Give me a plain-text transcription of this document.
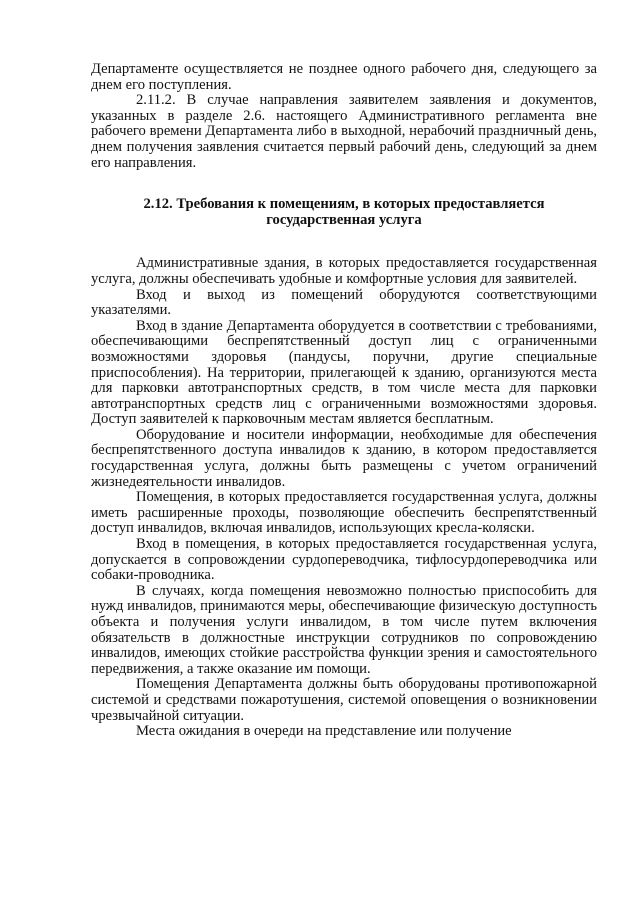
Департаменте осуществляется не позднее одного рабочего дня, следующего за днем его поступления.

2.11.2. В случае направления заявителем заявления и документов, указанных в разделе 2.6. настоящего Административного регламента вне рабочего времени Департамента либо в выходной, нерабочий праздничный день, днем получения заявления считается первый рабочий день, следующий за днем его направления.

2.12. Требования к помещениям, в которых предоставляется
государственная услуга

Административные здания, в которых предоставляется государственная услуга, должны обеспечивать удобные и комфортные условия для заявителей.

Вход и выход из помещений оборудуются соответствующими указателями.

Вход в здание Департамента оборудуется в соответствии с требованиями, обеспечивающими беспрепятственный доступ лиц с ограниченными возможностями здоровья (пандусы, поручни, другие специальные приспособления). На территории, прилегающей к зданию, организуются места для парковки автотранспортных средств, в том числе места для парковки автотранспортных средств лиц с ограниченными возможностями здоровья. Доступ заявителей к парковочным местам является бесплатным.

Оборудование и носители информации, необходимые для обеспечения беспрепятственного доступа инвалидов к зданию, в котором предоставляется государственная услуга, должны быть размещены с учетом ограничений жизнедеятельности инвалидов.

Помещения, в которых предоставляется государственная услуга, должны иметь расширенные проходы, позволяющие обеспечить беспрепятственный доступ инвалидов, включая инвалидов, использующих кресла-коляски.

Вход в помещения, в которых предоставляется государственная услуга, допускается в сопровождении сурдопереводчика, тифлосурдопереводчика или собаки-проводника.

В случаях, когда помещения невозможно полностью приспособить для нужд инвалидов, принимаются меры, обеспечивающие физическую доступность объекта и получения услуги инвалидом, в том числе путем включения обязательств в должностные инструкции сотрудников по сопровождению инвалидов, имеющих стойкие расстройства функции зрения и самостоятельного передвижения, а также оказание им помощи.

Помещения Департамента должны быть оборудованы противопожарной системой и средствами пожаротушения, системой оповещения о возникновении чрезвычайной ситуации.

Места ожидания в очереди на представление или получение
